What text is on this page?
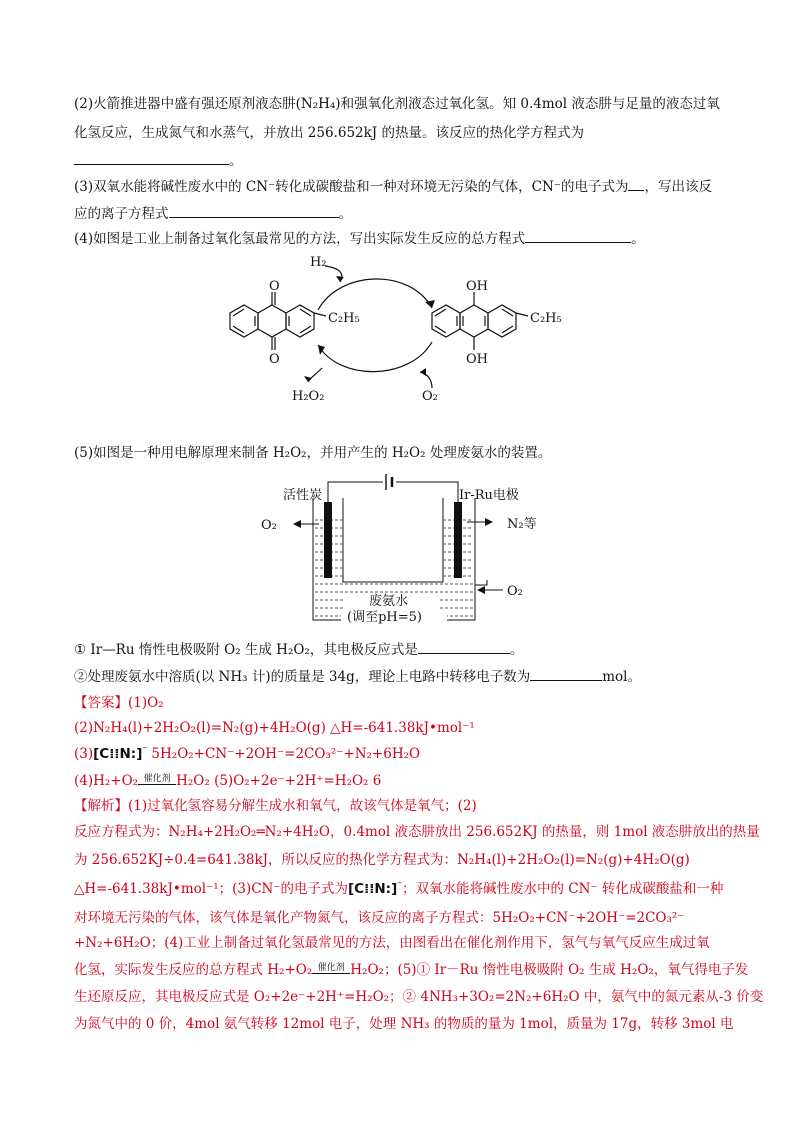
(2)火箭推进器中盛有强还原剂液态肼(N₂H₄)和强氧化剂液态过氧化氢。知 0.4mol 液态肼与足量的液态过氧
化氢反应，生成氮气和水蒸气，并放出 256.652kJ 的热量。该反应的热化学方程式为
。
(3)双氧水能将碱性废水中的 CN⁻转化成碳酸盐和一种对环境无污染的气体，CN⁻的电子式为 ，写出该反
应的离子方程式	。
(4)如图是工业上制备过氧化氢最常见的方法，写出实际发生反应的总方程式	。
H₂
O
O
C₂H₅
OH
OH
C₂H₅
H₂O₂	O₂
(5)如图是一种用电解原理来制备 H₂O₂，并用产生的 H₂O₂ 处理废氨水的装置。
活性炭	Ir-Ru电极
O₂	N₂等
O₂
废氨水
(调至pH=5)
① Ir—Ru 惰性电极吸附 O₂ 生成 H₂O₂，其电极反应式是	。
②处理废氨水中溶质(以 NH₃ 计)的质量是 34g，理论上电路中转移电子数为	mol。
【答案】(1)O₂
(2)N₂H₄(l)+2H₂O₂(l)=N₂(g)+4H₂O(g) △H=-641.38kJ•mol⁻¹
(3)[C⁞⁞N:]⁻ 5H₂O₂+CN⁻+2OH⁻=2CO₃²⁻+N₂+6H₂O
(4)H₂+O₂ 催化剂 H₂O₂ (5)O₂+2e⁻+2H⁺=H₂O₂ 6
【解析】(1)过氧化氢容易分解生成水和氧气，故该气体是氧气；(2)
反应方程式为：N₂H₄+2H₂O₂═N₂+4H₂O，0.4mol 液态肼放出 256.652KJ 的热量，则 1mol 液态肼放出的热量
为 256.652KJ÷0.4=641.38kJ，所以反应的热化学方程式为：N₂H₄(l)+2H₂O₂(l)=N₂(g)+4H₂O(g)
△H=-641.38kJ•mol⁻¹；(3)CN⁻的电子式为[C⁞⁞N:]⁻；双氧水能将碱性废水中的 CN⁻ 转化成碳酸盐和一种
对环境无污染的气体，该气体是氧化产物氮气，该反应的离子方程式：5H₂O₂+CN⁻+2OH⁻=2CO₃²⁻
+N₂+6H₂O；(4)工业上制备过氧化氢最常见的方法，由图看出在催化剂作用下，氢气与氧气反应生成过氧
化氢，实际发生反应的总方程式 H₂+O₂ 催化剂 H₂O₂；(5)① Ir－Ru 惰性电极吸附 O₂ 生成 H₂O₂，氧气得电子发
生还原反应，其电极反应式是 O₂+2e⁻+2H⁺=H₂O₂；② 4NH₃+3O₂=2N₂+6H₂O 中，氨气中的氮元素从-3 价变
为氮气中的 0 价，4mol 氨气转移 12mol 电子，处理 NH₃ 的物质的量为 1mol，质量为 17g，转移 3mol 电
